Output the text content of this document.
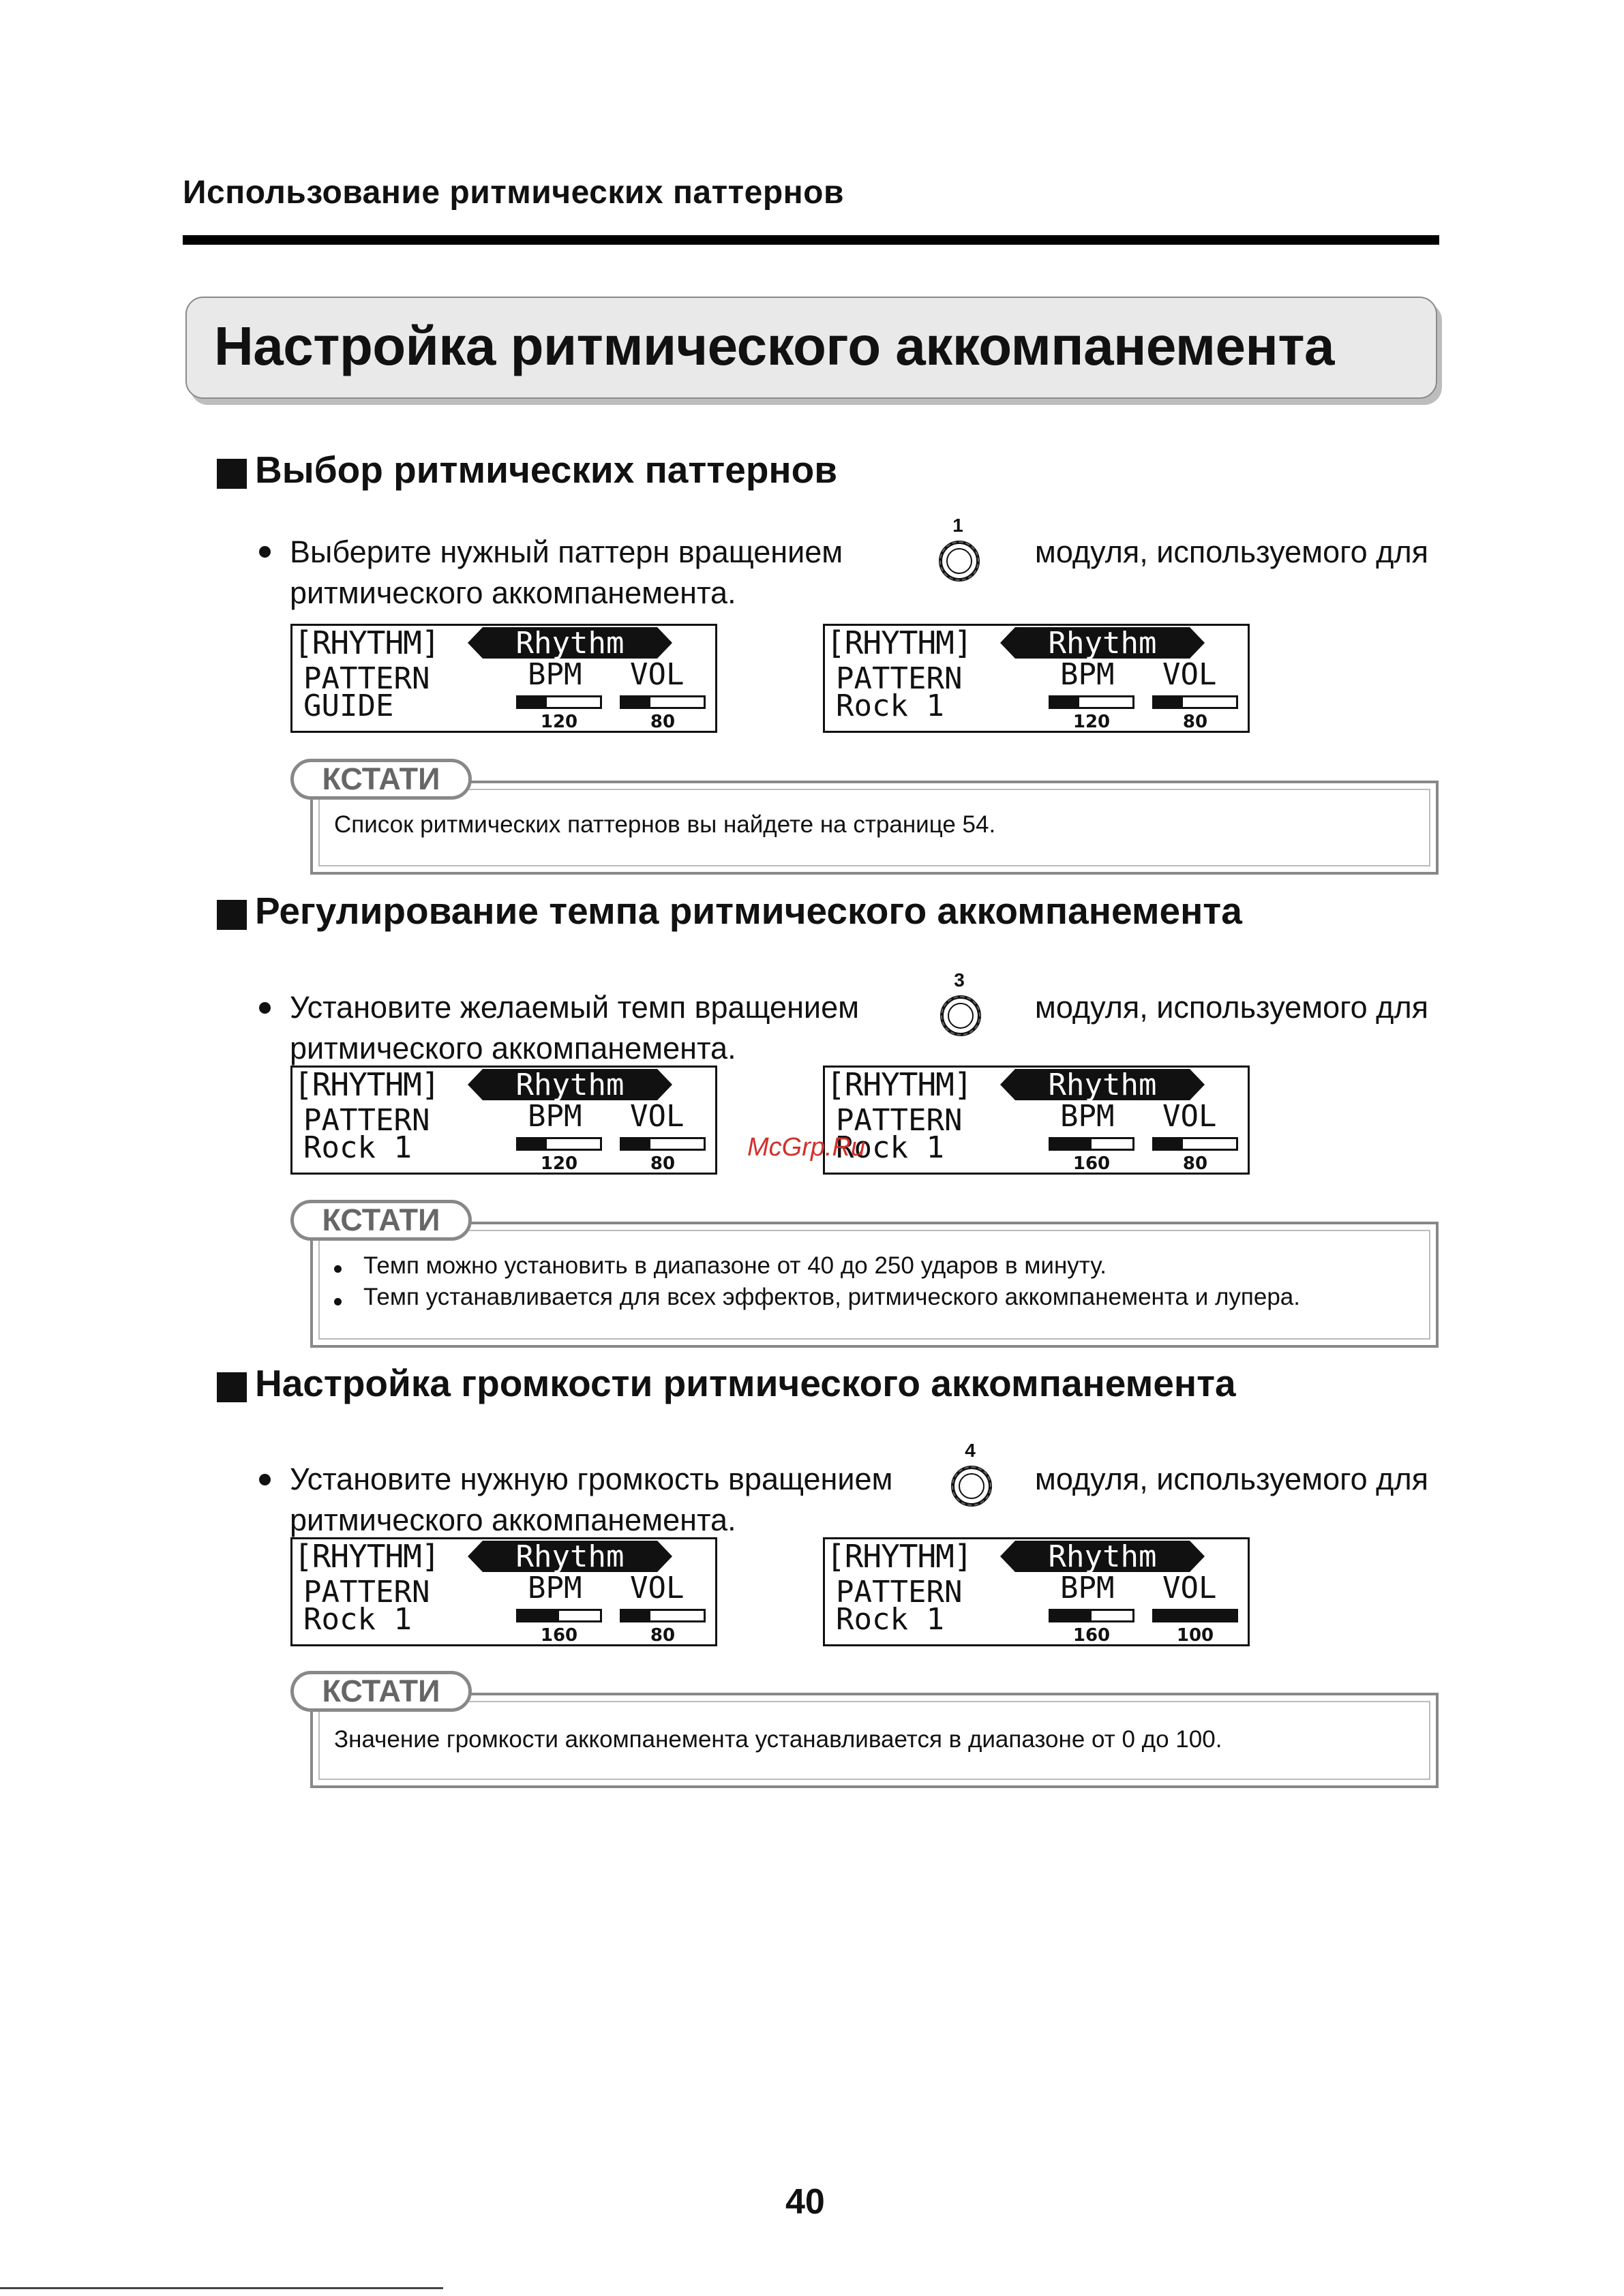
Использование ритмических паттернов
Настройка ритмического аккомпанемента
Выбор ритмических паттернов
Выберите нужный паттерн вращением	модуля, используемого для
1
ритмического аккомпанемента.
[RHYTHM]	Rhythm
PATTERN
GUIDE
BPM VOL
120	80
[RHYTHM]	Rhythm
PATTERN
Rock 1
BPM VOL
120	80
КСТАТИ
Список ритмических паттернов вы найдете на странице 54.
Регулирование темпа ритмического аккомпанемента
Установите желаемый темп вращением	модуля, используемого для
3
ритмического аккомпанемента.
[RHYTHM]	Rhythm
PATTERN
Rock 1
BPM VOL
120	80
[RHYTHM]	Rhythm
PATTERN
Rock 1
BPM VOL
160	80
McGrp.Ru
КСТАТИ
Темп можно установить в диапазоне от 40 до 250 ударов в минуту.
Темп устанавливается для всех эффектов, ритмического аккомпанемента и лупера.
Настройка громкости ритмического аккомпанемента
Установите нужную громкость вращением	модуля, используемого для
4
ритмического аккомпанемента.
[RHYTHM]	Rhythm
PATTERN
Rock 1
BPM VOL
160	80
[RHYTHM]	Rhythm
PATTERN
Rock 1
BPM VOL
160	100
КСТАТИ
Значение громкости аккомпанемента устанавливается в диапазоне от 0 до 100.
40
